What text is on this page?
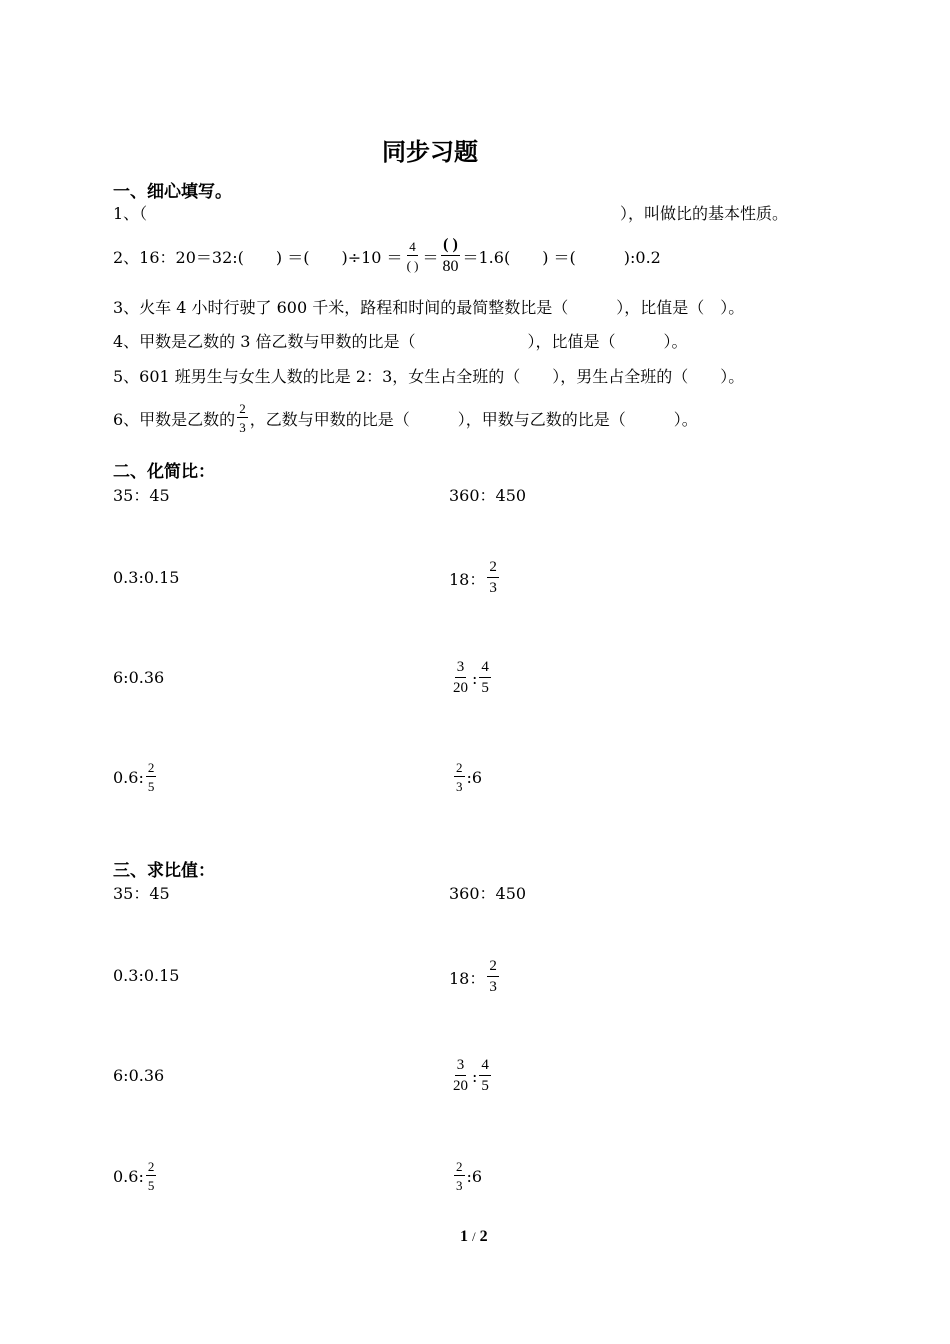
同步习题
一、细心填写。
1、（	），叫做比的基本性质。
2、16：20＝32:(　　) ＝(　　)$\div 10 = \frac{4}{( )} = \frac{( )}{80} =1.6$(　　) ＝(　　　):0.2
3、火车 4 小时行驶了 600 千米，路程和时间的最简整数比是（　　　），比值是（　）。
4、甲数是乙数的 3 倍乙数与甲数的比是（　　　　　　　），比值是（　　　）。
5、601 班男生与女生人数的比是 2：3，女生占全班的（　　），男生占全班的（　　）。
6、甲数是乙数的 $\frac{2}{3}$ ，乙数与甲数的比是（　　　），甲数与乙数的比是（　　　）。
二、化简比：
35：45	360：450
0.3:0.15	18： $\frac{2}{3}$
6:0.36	$\frac{3}{20}$ : $\frac{4}{5}$
0.6: $\frac{2}{5}$	$\frac{2}{3}$ :6
三、求比值：
35：45	360：450
0.3:0.15	18： $\frac{2}{3}$
6:0.36	$\frac{3}{20}$ : $\frac{4}{5}$
0.6: $\frac{2}{5}$	$\frac{2}{3}$ :6
1 / 2
